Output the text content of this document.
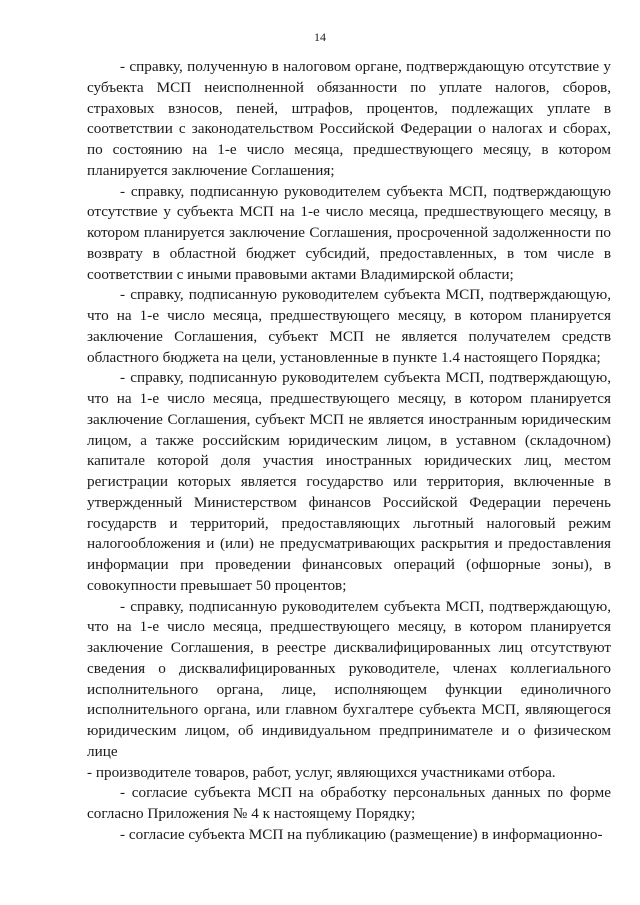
14

- справку, полученную в налоговом органе, подтверждающую отсутствие у субъекта МСП неисполненной обязанности по уплате налогов, сборов, страховых взносов, пеней, штрафов, процентов, подлежащих уплате в соответствии с законодательством Российской Федерации о налогах и сборах, по состоянию на 1-е число месяца, предшествующего месяцу, в котором планируется заключение Соглашения;

- справку, подписанную руководителем субъекта МСП, подтверждающую отсутствие у субъекта МСП на 1-е число месяца, предшествующего месяцу, в котором планируется заключение Соглашения, просроченной задолженности по возврату в областной бюджет субсидий, предоставленных, в том числе в соответствии с иными правовыми актами Владимирской области;

- справку, подписанную руководителем субъекта МСП, подтверждающую, что на 1-е число месяца, предшествующего месяцу, в котором планируется заключение Соглашения, субъект МСП не является получателем средств областного бюджета на цели, установленные в пункте 1.4 настоящего Порядка;

- справку, подписанную руководителем субъекта МСП, подтверждающую, что на 1-е число месяца, предшествующего месяцу, в котором планируется заключение Соглашения, субъект МСП не является иностранным юридическим лицом, а также российским юридическим лицом, в уставном (складочном) капитале которой доля участия иностранных юридических лиц, местом регистрации которых является государство или территория, включенные в утвержденный Министерством финансов Российской Федерации перечень государств и территорий, предоставляющих льготный налоговый режим налогообложения и (или) не предусматривающих раскрытия и предоставления информации при проведении финансовых операций (офшорные зоны), в совокупности превышает 50 процентов;

- справку, подписанную руководителем субъекта МСП, подтверждающую, что на 1-е число месяца, предшествующего месяцу, в котором планируется заключение Соглашения, в реестре дисквалифицированных лиц отсутствуют сведения о дисквалифицированных руководителе, членах коллегиального исполнительного органа, лице, исполняющем функции единоличного исполнительного органа, или главном бухгалтере субъекта МСП, являющегося юридическим лицом, об индивидуальном предпринимателе и о физическом лице

- производителе товаров, работ, услуг, являющихся участниками отбора.

- согласие субъекта МСП на обработку персональных данных по форме согласно Приложения № 4 к настоящему Порядку;

- согласие субъекта МСП на публикацию (размещение) в информационно-
